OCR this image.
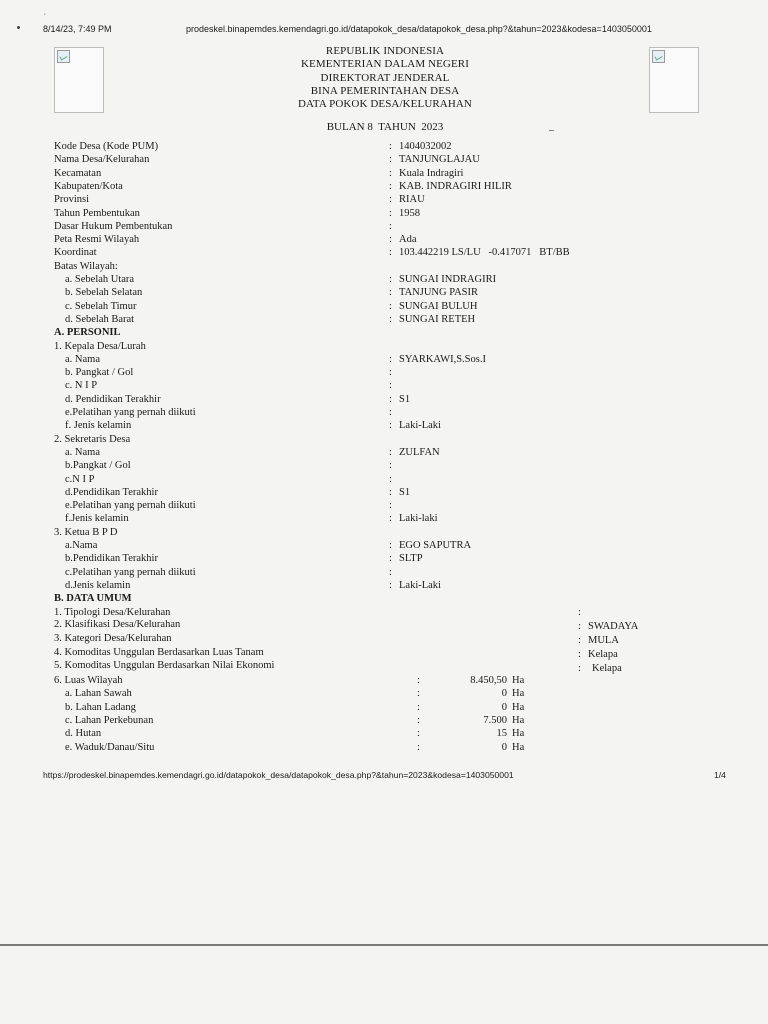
ʻ
8/14/23, 7:49 PM	prodeskel.binapemdes.kemendagri.go.id/datapokok_desa/datapokok_desa.php?&tahun=2023&kodesa=1403050001
REPUBLIK INDONESIA
KEMENTERIAN DALAM NEGERI
DIREKTORAT JENDERAL
BINA PEMERINTAHAN DESA
DATA POKOK DESA/KELURAHAN
BULAN 8  TAHUN  2023	_
Kode Desa (Kode PUM)	: 1404032002
Nama Desa/Kelurahan	: TANJUNGLAJAU
Kecamatan	: Kuala Indragiri
Kabupaten/Kota	: KAB. INDRAGIRI HILIR
Provinsi	: RIAU
Tahun Pembentukan	: 1958
Dasar Hukum Pembentukan	:
Peta Resmi Wilayah	: Ada
Koordinat	: 103.442219 LS/LU   -0.417071   BT/BB
Batas Wilayah:
a. Sebelah Utara	: SUNGAI INDRAGIRI
b. Sebelah Selatan	: TANJUNG PASIR
c. Sebelah Timur	: SUNGAI BULUH
d. Sebelah Barat	: SUNGAI RETEH
A. PERSONIL
1. Kepala Desa/Lurah
a. Nama	: SYARKAWI,S.Sos.I
b. Pangkat / Gol	:
c. N I P	:
d. Pendidikan Terakhir	: S1
e.Pelatihan yang pernah diikuti	:
f. Jenis kelamin	: Laki-Laki
2. Sekretaris Desa
a. Nama	: ZULFAN
b.Pangkat / Gol	:
c.N I P	:
d.Pendidikan Terakhir	: S1
e.Pelatihan yang pernah diikuti	:
f.Jenis kelamin	: Laki-laki
3. Ketua B P D
a.Nama	: EGO SAPUTRA
b.Pendidikan Terakhir	: SLTP
c.Pelatihan yang pernah diikuti	:
d.Jenis kelamin	: Laki-Laki
B. DATA UMUM
1. Tipologi Desa/Kelurahan	:
2. Klasifikasi Desa/Kelurahan	: SWADAYA
3. Kategori Desa/Kelurahan	: MULA
4. Komoditas Unggulan Berdasarkan Luas Tanam	: Kelapa
5. Komoditas Unggulan Berdasarkan Nilai Ekonomi	: Kelapa
6. Luas Wilayah	:	8.450,50 Ha
a. Lahan Sawah	:	0 Ha
b. Lahan Ladang	:	0 Ha
c. Lahan Perkebunan	:	7.500 Ha
d. Hutan	:	15 Ha
e. Waduk/Danau/Situ	:	0 Ha
https://prodeskel.binapemdes.kemendagri.go.id/datapokok_desa/datapokok_desa.php?&tahun=2023&kodesa=1403050001	1/4
